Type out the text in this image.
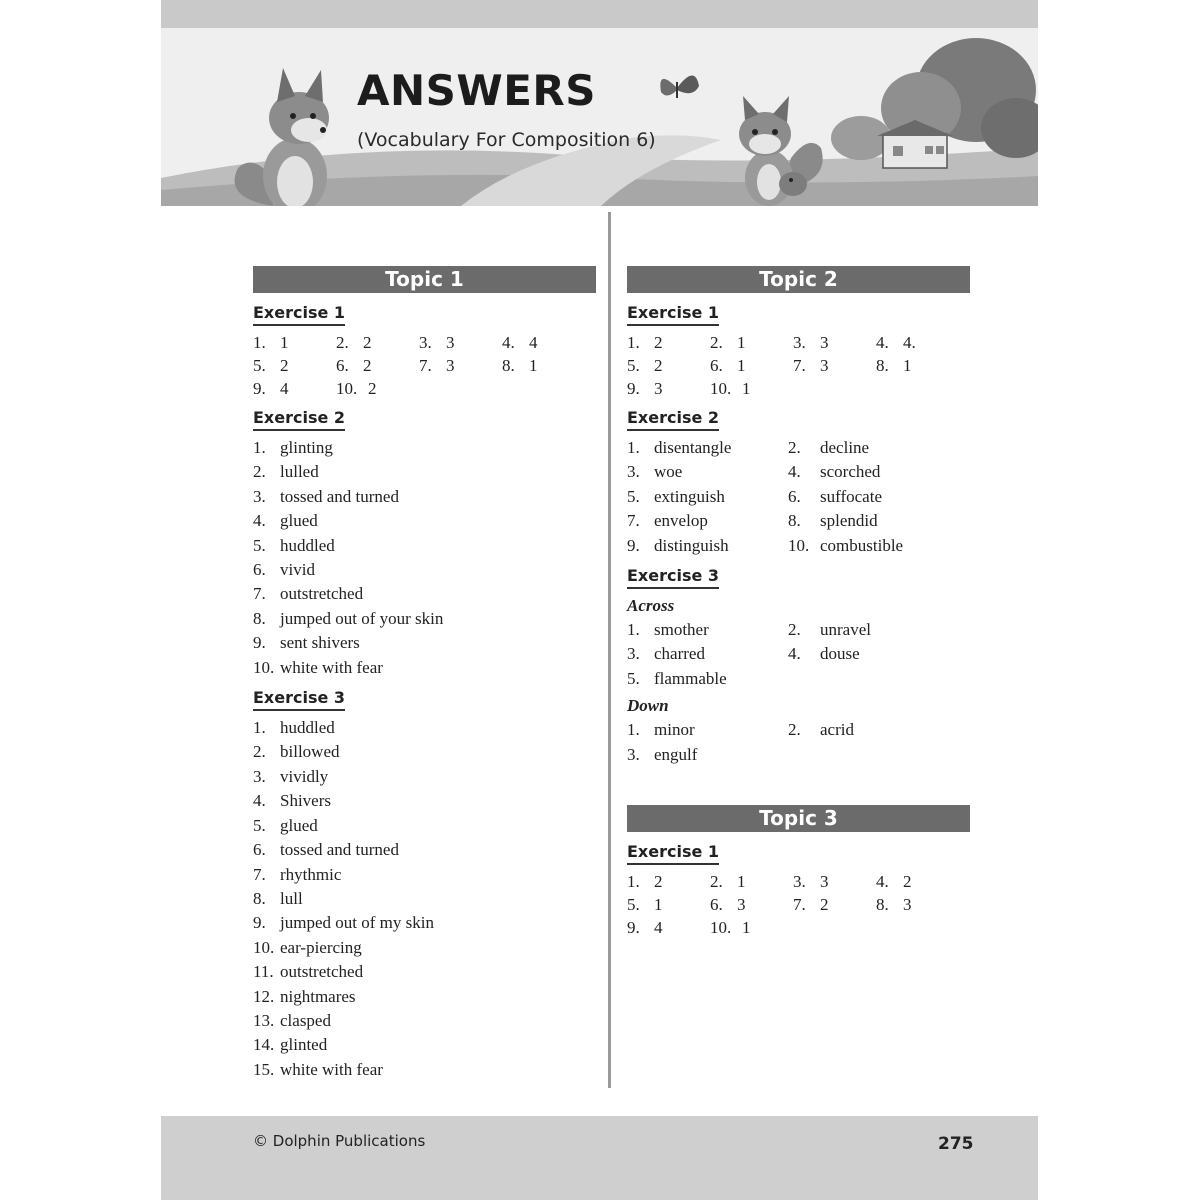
ANSWERS

(Vocabulary For Composition 6)

Topic 1
Exercise 1
1. 1	2. 2	3. 3	4. 4
5. 2	6. 2	7. 3	8. 1
9. 4	10. 2
Exercise 2
1. glinting
2. lulled
3. tossed and turned
4. glued
5. huddled
6. vivid
7. outstretched
8. jumped out of your skin
9. sent shivers
10. white with fear
Exercise 3
1. huddled
2. billowed
3. vividly
4. Shivers
5. glued
6. tossed and turned
7. rhythmic
8. lull
9. jumped out of my skin
10. ear-piercing
11. outstretched
12. nightmares
13. clasped
14. glinted
15. white with fear
Topic 2
Exercise 1
1. 2	2. 1	3. 3	4. 4.
5. 2	6. 1	7. 3	8. 1
9. 3	10. 1
Exercise 2
1. disentangle	2. decline
3. woe	4. scorched
5. extinguish	6. suffocate
7. envelop	8. splendid
9. distinguish	10. combustible
Exercise 3
Across
1. smother	2. unravel
3. charred	4. douse
5. flammable
Down
1. minor	2. acrid
3. engulf
Topic 3
Exercise 1
1. 2	2. 1	3. 3	4. 2
5. 1	6. 3	7. 2	8. 3
9. 4	10. 1

© Dolphin Publications	275
